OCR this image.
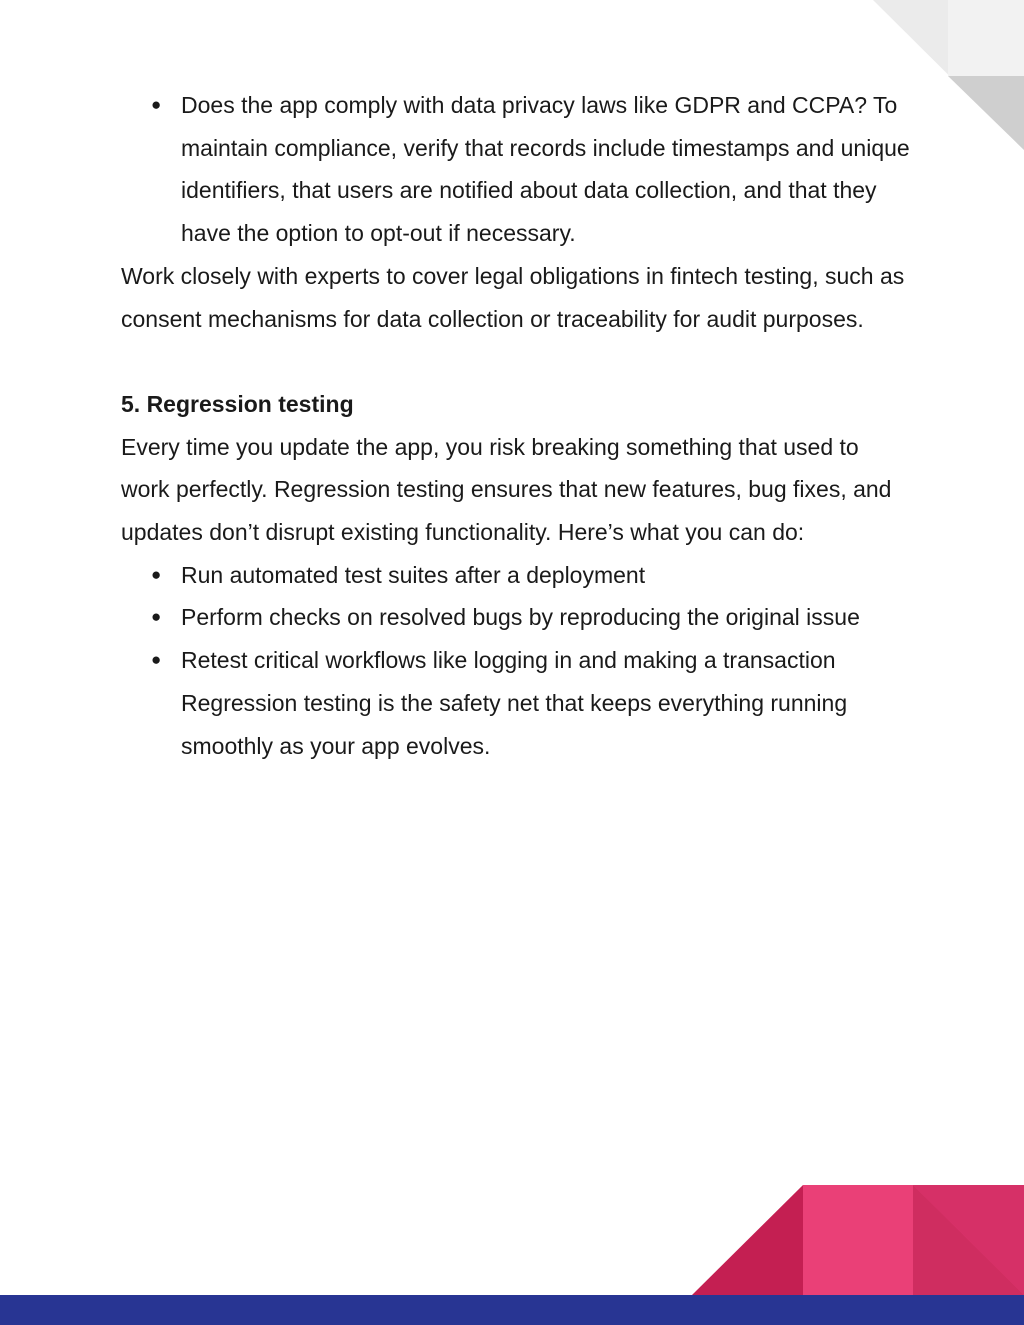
● Does the app comply with data privacy laws like GDPR and CCPA? To maintain compliance, verify that records include timestamps and unique identifiers, that users are notified about data collection, and that they have the option to opt-out if necessary.

Work closely with experts to cover legal obligations in fintech testing, such as consent mechanisms for data collection or traceability for audit purposes.

5. Regression testing

Every time you update the app, you risk breaking something that used to work perfectly. Regression testing ensures that new features, bug fixes, and updates don’t disrupt existing functionality. Here’s what you can do:

● Run automated test suites after a deployment
● Perform checks on resolved bugs by reproducing the original issue
● Retest critical workflows like logging in and making a transaction

Regression testing is the safety net that keeps everything running smoothly as your app evolves.
